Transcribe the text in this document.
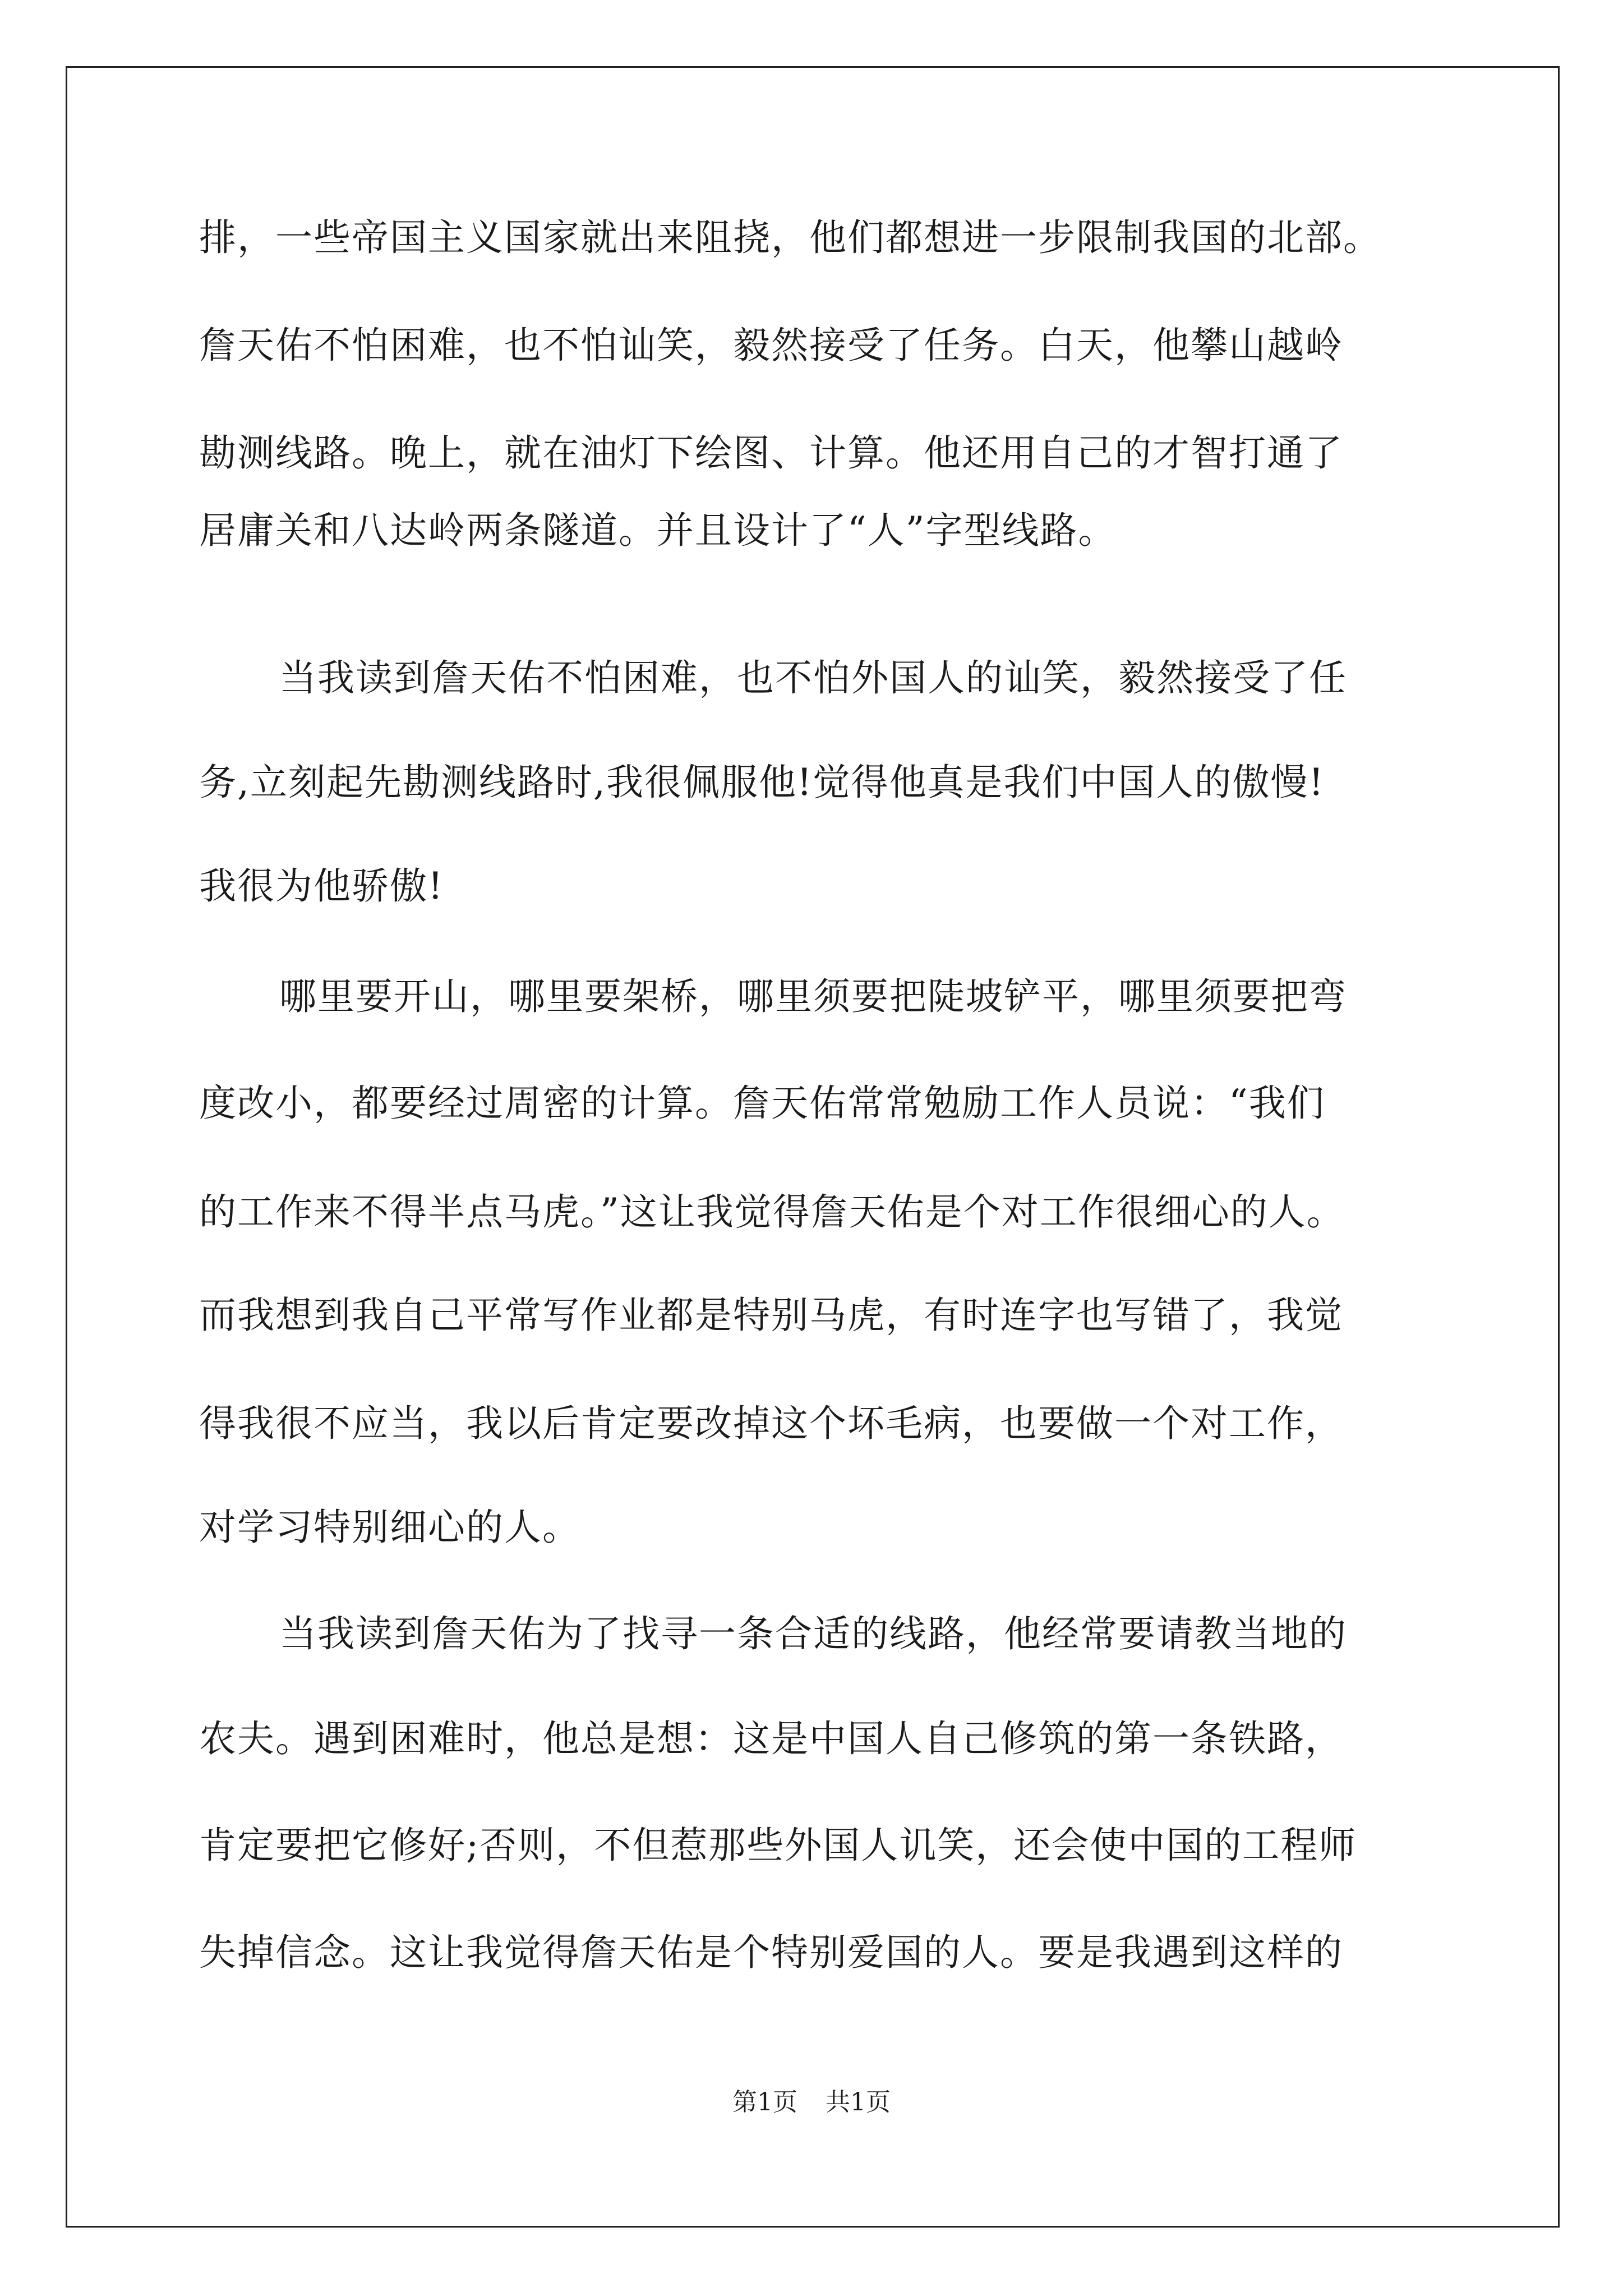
排，一些帝国主义国家就出来阻挠，他们都想进一步限制我国的北部。
詹天佑不怕困难，也不怕讪笑，毅然接受了任务。白天，他攀山越岭
勘测线路。晚上，就在油灯下绘图、计算。他还用自己的才智打通了
居庸关和八达岭两条隧道。并且设计了“人”字型线路。
当我读到詹天佑不怕困难，也不怕外国人的讪笑，毅然接受了任
务,立刻起先勘测线路时,我很佩服他!觉得他真是我们中国人的傲慢!
我很为他骄傲!
哪里要开山，哪里要架桥，哪里须要把陡坡铲平，哪里须要把弯
度改小，都要经过周密的计算。詹天佑常常勉励工作人员说：“我们
的工作来不得半点马虎。”这让我觉得詹天佑是个对工作很细心的人。
而我想到我自己平常写作业都是特别马虎，有时连字也写错了，我觉
得我很不应当，我以后肯定要改掉这个坏毛病，也要做一个对工作，
对学习特别细心的人。
当我读到詹天佑为了找寻一条合适的线路，他经常要请教当地的
农夫。遇到困难时，他总是想：这是中国人自己修筑的第一条铁路，
肯定要把它修好;否则，不但惹那些外国人讥笑，还会使中国的工程师
失掉信念。这让我觉得詹天佑是个特别爱国的人。要是我遇到这样的
第1页 共1页
